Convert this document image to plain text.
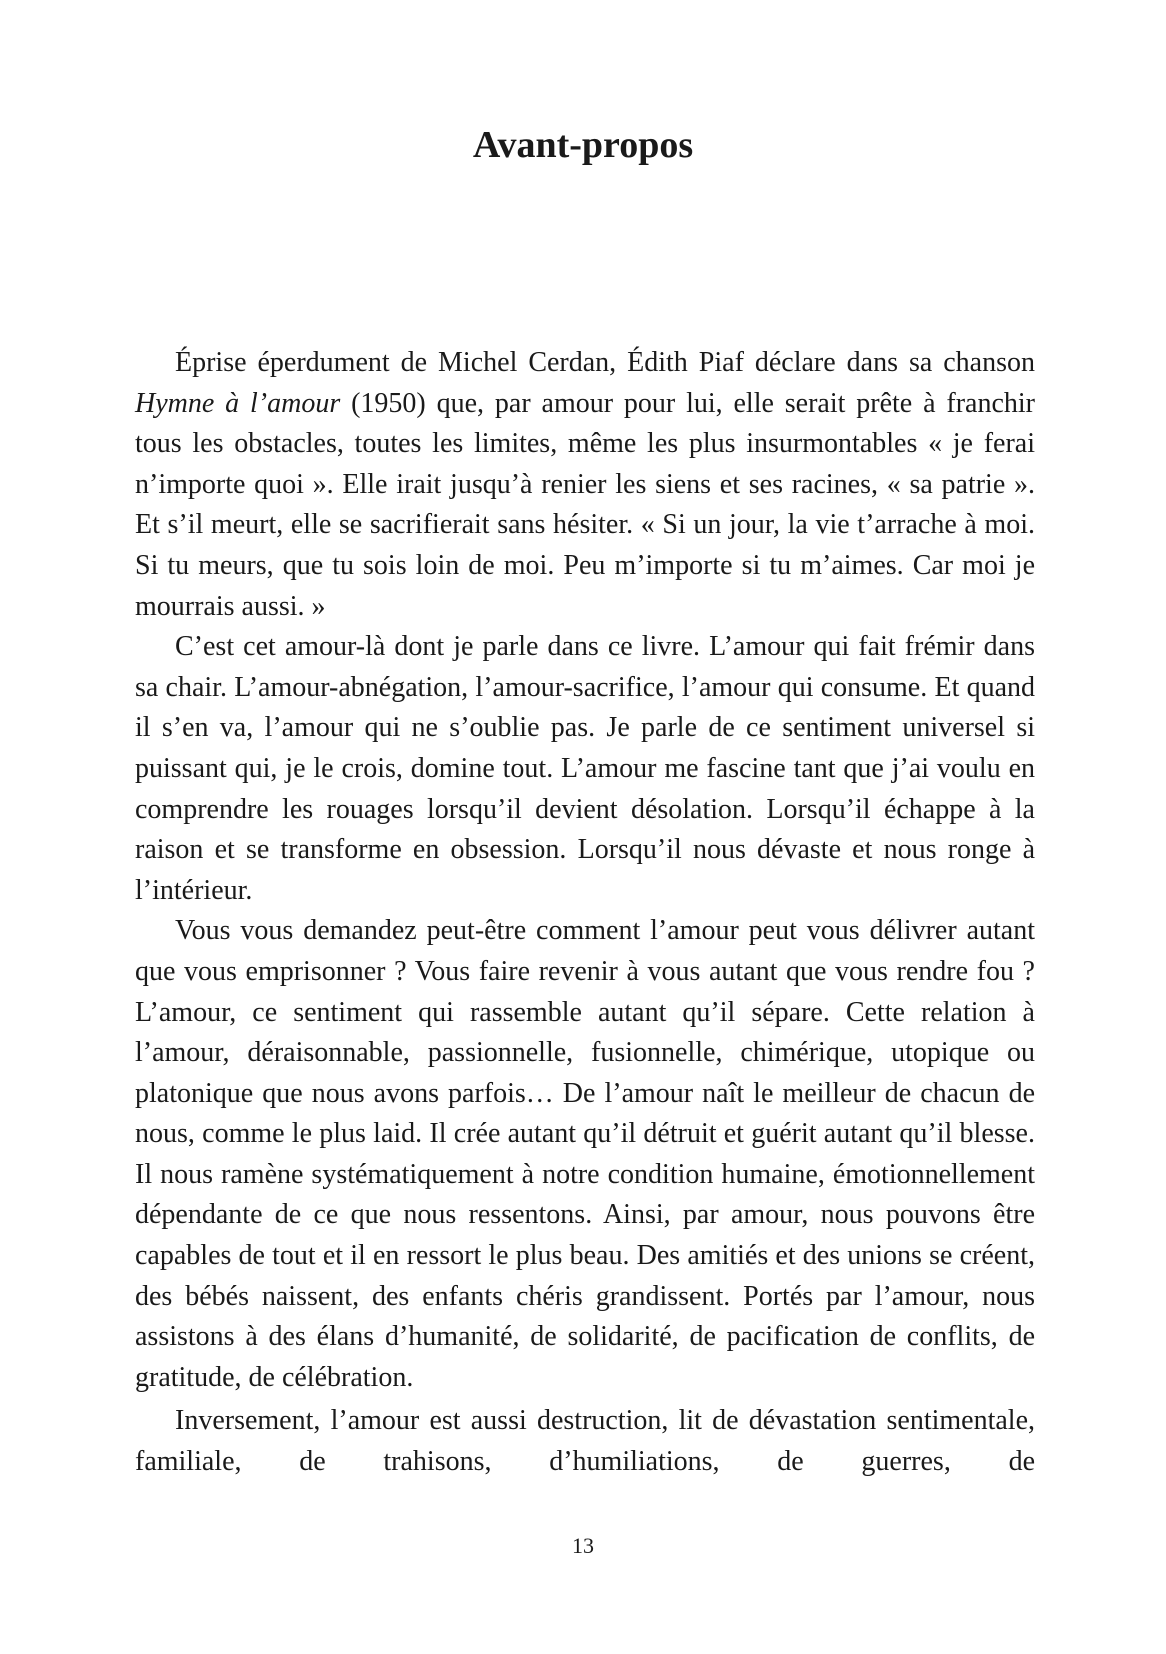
Avant-propos

Éprise éperdument de Michel Cerdan, Édith Piaf déclare dans sa chanson Hymne à l’amour (1950) que, par amour pour lui, elle serait prête à franchir tous les obstacles, toutes les limites, même les plus insurmontables « je ferai n’importe quoi ». Elle irait jusqu’à renier les siens et ses racines, « sa patrie ». Et s’il meurt, elle se sacrifierait sans hésiter. « Si un jour, la vie t’arrache à moi. Si tu meurs, que tu sois loin de moi. Peu m’importe si tu m’aimes. Car moi je mourrais aussi. »

C’est cet amour-là dont je parle dans ce livre. L’amour qui fait frémir dans sa chair. L’amour-abnégation, l’amour-sacrifice, l’amour qui consume. Et quand il s’en va, l’amour qui ne s’oublie pas. Je parle de ce sentiment universel si puissant qui, je le crois, domine tout. L’amour me fascine tant que j’ai voulu en comprendre les rouages lorsqu’il devient désolation. Lorsqu’il échappe à la raison et se transforme en obsession. Lorsqu’il nous dévaste et nous ronge à l’intérieur.

Vous vous demandez peut-être comment l’amour peut vous délivrer autant que vous emprisonner ? Vous faire revenir à vous autant que vous rendre fou ? L’amour, ce sentiment qui rassemble autant qu’il sépare. Cette relation à l’amour, déraisonnable, passionnelle, fusionnelle, chimérique, utopique ou platonique que nous avons parfois… De l’amour naît le meilleur de chacun de nous, comme le plus laid. Il crée autant qu’il détruit et guérit autant qu’il blesse. Il nous ramène systématiquement à notre condition humaine, émotionnellement dépendante de ce que nous ressentons. Ainsi, par amour, nous pouvons être capables de tout et il en ressort le plus beau. Des amitiés et des unions se créent, des bébés naissent, des enfants chéris grandissent. Portés par l’amour, nous assistons à des élans d’humanité, de solidarité, de pacification de conflits, de gratitude, de célébration.

Inversement, l’amour est aussi destruction, lit de dévastation sentimentale, familiale, de trahisons, d’humiliations, de guerres, de

13
